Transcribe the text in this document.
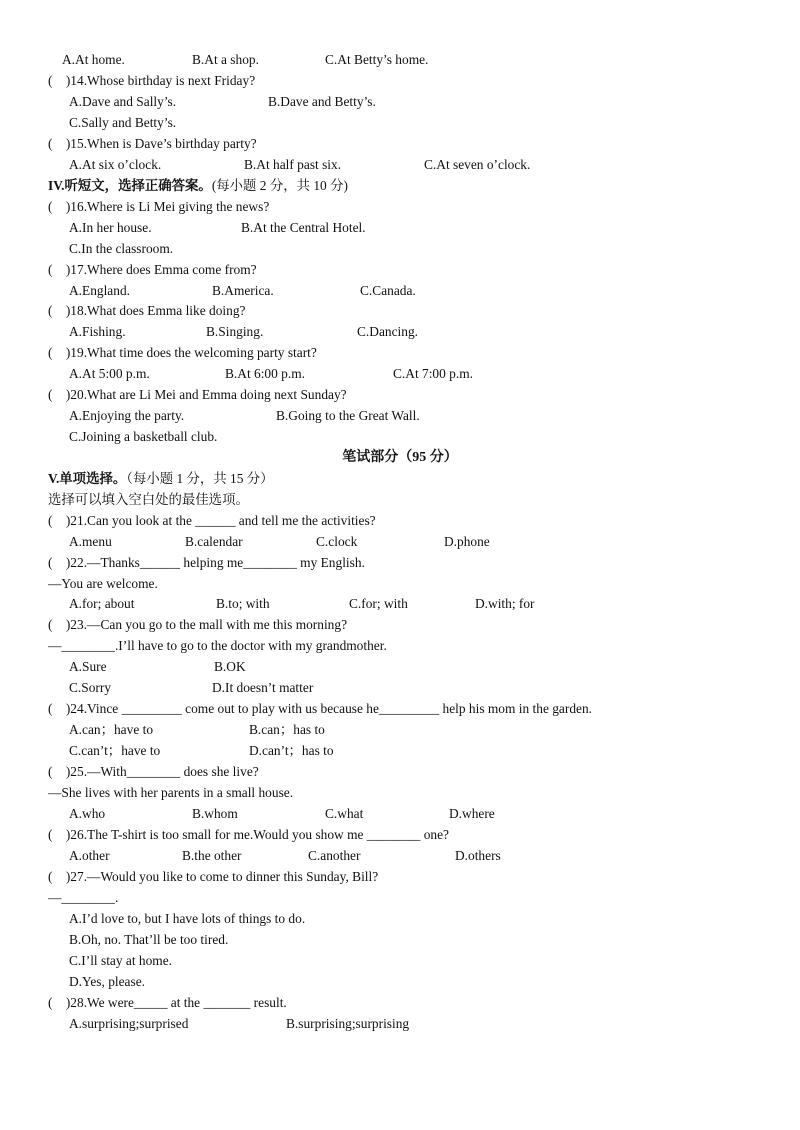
A.At home.	B.At a shop.	C.At Betty’s home.
(    )14.Whose birthday is next Friday?
A.Dave and Sally’s.	B.Dave and Betty’s.
C.Sally and Betty’s.
(    )15.When is Dave’s birthday party?
A.At six o’clock.	B.At half past six.	C.At seven o’clock.
IV.听短文，选择正确答案。(每小题 2 分，共 10 分)
(    )16.Where is Li Mei giving the news?
A.In her house.	B.At the Central Hotel.
C.In the classroom.
(    )17.Where does Emma come from?
A.England.	B.America.	C.Canada.
(    )18.What does Emma like doing?
A.Fishing.	B.Singing.	C.Dancing.
(    )19.What time does the welcoming party start?
A.At 5:00 p.m.	B.At 6:00 p.m.	C.At 7:00 p.m.
(    )20.What are Li Mei and Emma doing next Sunday?
A.Enjoying the party.	B.Going to the Great Wall.
C.Joining a basketball club.
笔试部分（95 分）
V.单项选择。（每小题 1 分，共 15 分）
选择可以填入空白处的最佳选项。
(    )21.Can you look at the ______ and tell me the activities?
A.menu	B.calendar	C.clock	D.phone
(    )22.—Thanks______ helping me________ my English.
—You are welcome.
A.for; about	B.to; with	C.for; with	D.with; for
(    )23.—Can you go to the mall with me this morning?
—________.I’ll have to go to the doctor with my grandmother.
A.Sure	B.OK
C.Sorry	D.It doesn’t matter
(    )24.Vince _________ come out to play with us because he_________ help his mom in the garden.
A.can；have to	B.can；has to
C.can’t；have to	D.can’t；has to
(    )25.—With________ does she live?
—She lives with her parents in a small house.
A.who	B.whom	C.what	D.where
(    )26.The T-shirt is too small for me.Would you show me ________ one?
A.other	B.the other	C.another	D.others
(    )27.—Would you like to come to dinner this Sunday, Bill?
—________.
A.I’d love to, but I have lots of things to do.
B.Oh, no. That’ll be too tired.
C.I’ll stay at home.
D.Yes, please.
(    )28.We were_____ at the _______ result.
A.surprising;surprised	B.surprising;surprising
